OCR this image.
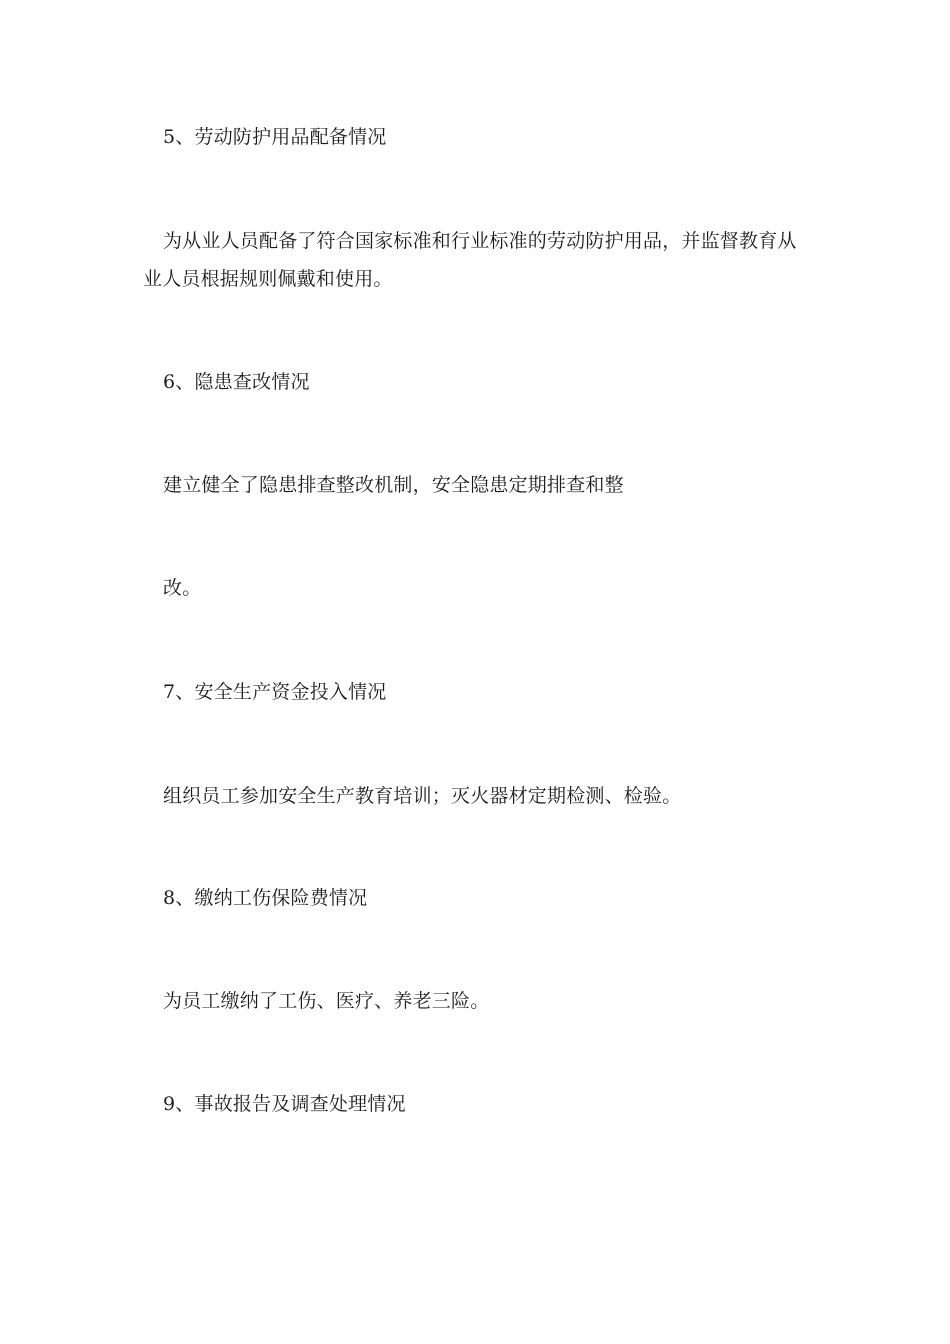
5、劳动防护用品配备情况
为从业人员配备了符合国家标准和行业标准的劳动防护用品，并监督教育从业人员根据规则佩戴和使用。
6、隐患查改情况
建立健全了隐患排查整改机制，安全隐患定期排查和整
改。
7、安全生产资金投入情况
组织员工参加安全生产教育培训；灭火器材定期检测、检验。
8、缴纳工伤保险费情况
为员工缴纳了工伤、医疗、养老三险。
9、事故报告及调查处理情况
